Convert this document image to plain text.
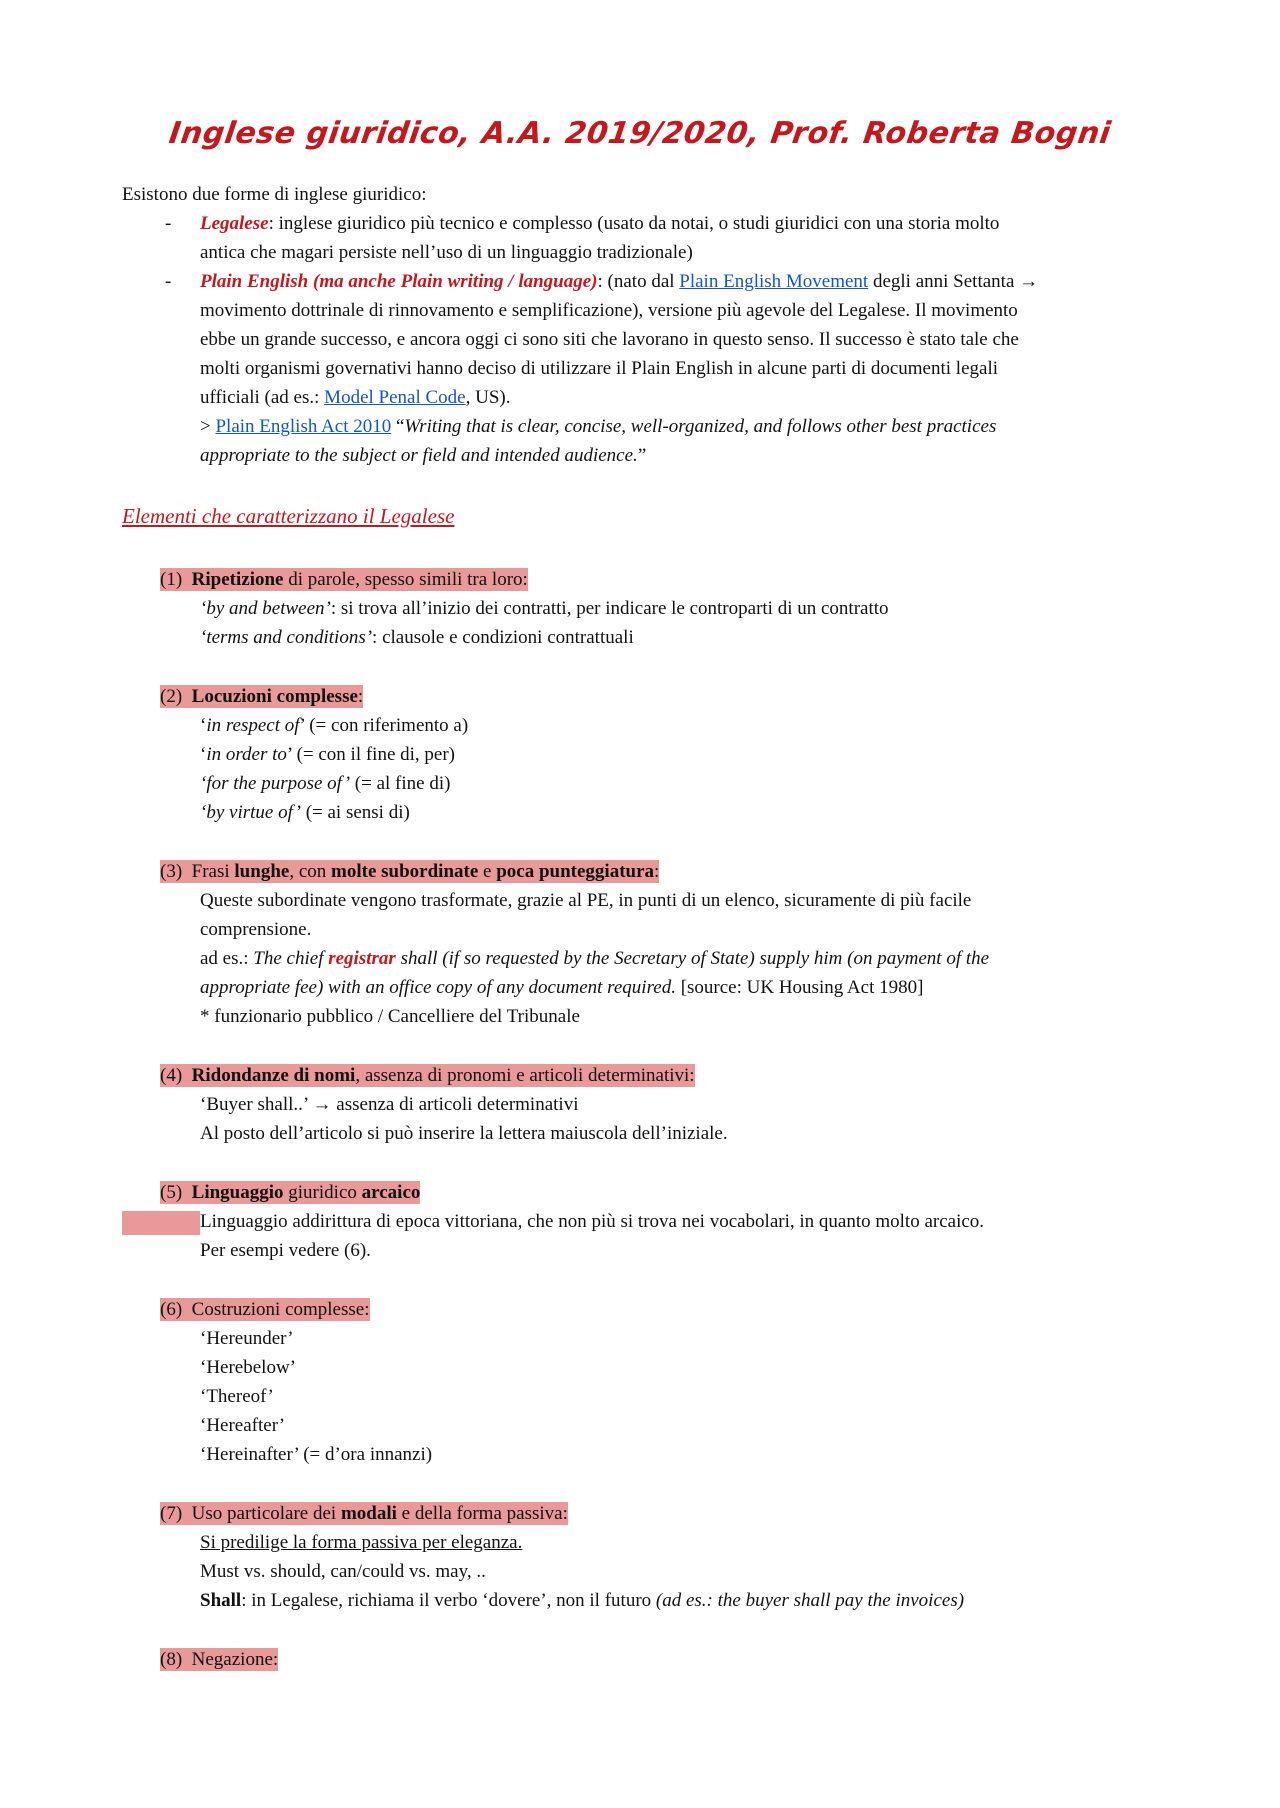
Inglese giuridico, A.A. 2019/2020, Prof. Roberta Bogni
Esistono due forme di inglese giuridico:
- Legalese: inglese giuridico più tecnico e complesso (usato da notai, o studi giuridici con una storia molto
antica che magari persiste nell’uso di un linguaggio tradizionale)
- Plain English (ma anche Plain writing / language): (nato dal Plain English Movement degli anni Settanta →
movimento dottrinale di rinnovamento e semplificazione), versione più agevole del Legalese. Il movimento
ebbe un grande successo, e ancora oggi ci sono siti che lavorano in questo senso. Il successo è stato tale che
molti organismi governativi hanno deciso di utilizzare il Plain English in alcune parti di documenti legali
ufficiali (ad es.: Model Penal Code, US).
> Plain English Act 2010 “Writing that is clear, concise, well-organized, and follows other best practices
appropriate to the subject or field and intended audience.”
Elementi che caratterizzano il Legalese
(1) Ripetizione di parole, spesso simili tra loro:
‘by and between’: si trova all’inizio dei contratti, per indicare le controparti di un contratto
‘terms and conditions’: clausole e condizioni contrattuali
(2) Locuzioni complesse:
‘in respect of’ (= con riferimento a)
‘in order to’ (= con il fine di, per)
‘for the purpose of’ (= al fine di)
‘by virtue of’ (= ai sensi di)
(3) Frasi lunghe, con molte subordinate e poca punteggiatura:
Queste subordinate vengono trasformate, grazie al PE, in punti di un elenco, sicuramente di più facile
comprensione.
ad es.: The chief registrar shall (if so requested by the Secretary of State) supply him (on payment of the
appropriate fee) with an office copy of any document required. [source: UK Housing Act 1980]
* funzionario pubblico / Cancelliere del Tribunale
(4) Ridondanze di nomi, assenza di pronomi e articoli determinativi:
‘Buyer shall..’ → assenza di articoli determinativi
Al posto dell’articolo si può inserire la lettera maiuscola dell’iniziale.
(5) Linguaggio giuridico arcaico
Linguaggio addirittura di epoca vittoriana, che non più si trova nei vocabolari, in quanto molto arcaico.
Per esempi vedere (6).
(6) Costruzioni complesse:
‘Hereunder’
‘Herebelow’
‘Thereof’
‘Hereafter’
‘Hereinafter’ (= d’ora innanzi)
(7) Uso particolare dei modali e della forma passiva:
Si predilige la forma passiva per eleganza.
Must vs. should, can/could vs. may, ..
Shall: in Legalese, richiama il verbo ‘dovere’, non il futuro (ad es.: the buyer shall pay the invoices)
(8) Negazione:
